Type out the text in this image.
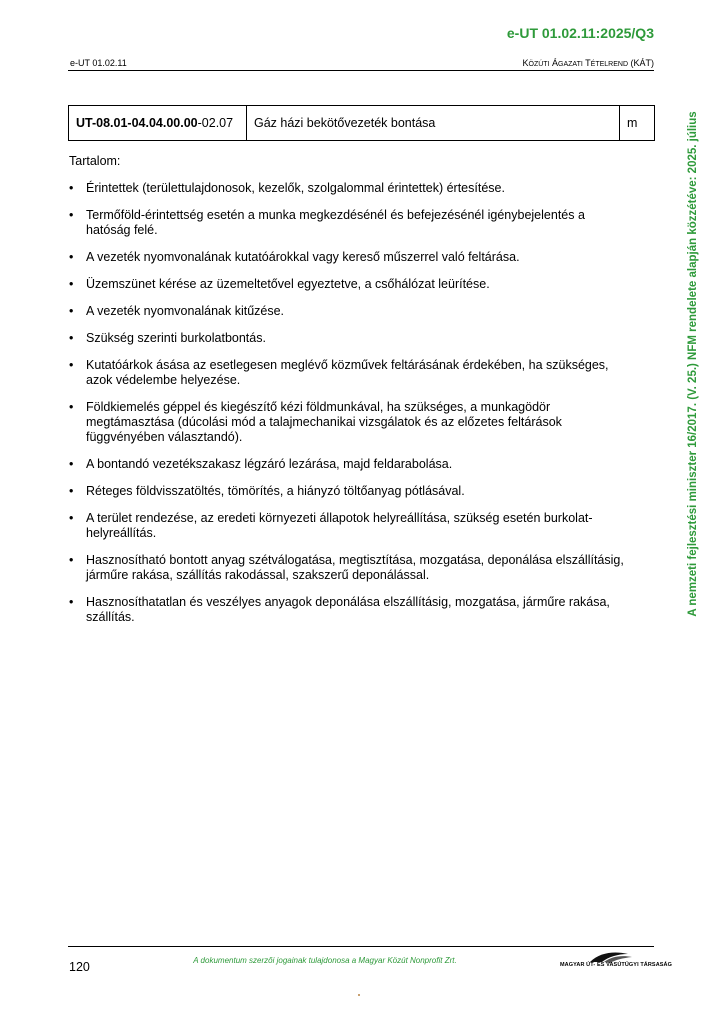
e-UT 01.02.11:2025/Q3
e-UT 01.02.11	KÖZÚTI ÁGAZATI TÉTELREND (KÁT)
UT-08.01-04.04.00.00-02.07	Gáz házi bekötővezeték bontása	m
Tartalom:
• Érintettek (területtulajdonosok, kezelők, szolgalommal érintettek) értesítése.
• Termőföld-érintettség esetén a munka megkezdésénél és befejezésénél igénybejelentés a hatóság felé.
• A vezeték nyomvonalának kutatóárokkal vagy kereső műszerrel való feltárása.
• Üzemszünet kérése az üzemeltetővel egyeztetve, a csőhálózat leürítése.
• A vezeték nyomvonalának kitűzése.
• Szükség szerinti burkolatbontás.
• Kutatóárkok ásása az esetlegesen meglévő közművek feltárásának érdekében, ha szükséges, azok védelembe helyezése.
• Földkiemelés géppel és kiegészítő kézi földmunkával, ha szükséges, a munkagödör megtámasztása (dúcolási mód a talajmechanikai vizsgálatok és az előzetes feltárások függvényében választandó).
• A bontandó vezetékszakasz légzáró lezárása, majd feldarabolása.
• Réteges földvisszatöltés, tömörítés, a hiányzó töltőanyag pótlásával.
• A terület rendezése, az eredeti környezeti állapotok helyreállítása, szükség esetén burkolat-helyreállítás.
• Hasznosítható bontott anyag szétválogatása, megtisztítása, mozgatása, deponálása elszállításig, járműre rakása, szállítás rakodással, szakszerű deponálással.
• Hasznosíthatatlan és veszélyes anyagok deponálása elszállításig, mozgatása, járműre rakása, szállítás.
A nemzeti fejlesztési miniszter 16/2017. (V. 25.) NFM rendelete alapján közzétéve: 2025. július
120	A dokumentum szerzői jogainak tulajdonosa a Magyar Közút Nonprofit Zrt.	MAGYAR ÚT- ÉS VASÚTÜGYI TÁRSASÁG
